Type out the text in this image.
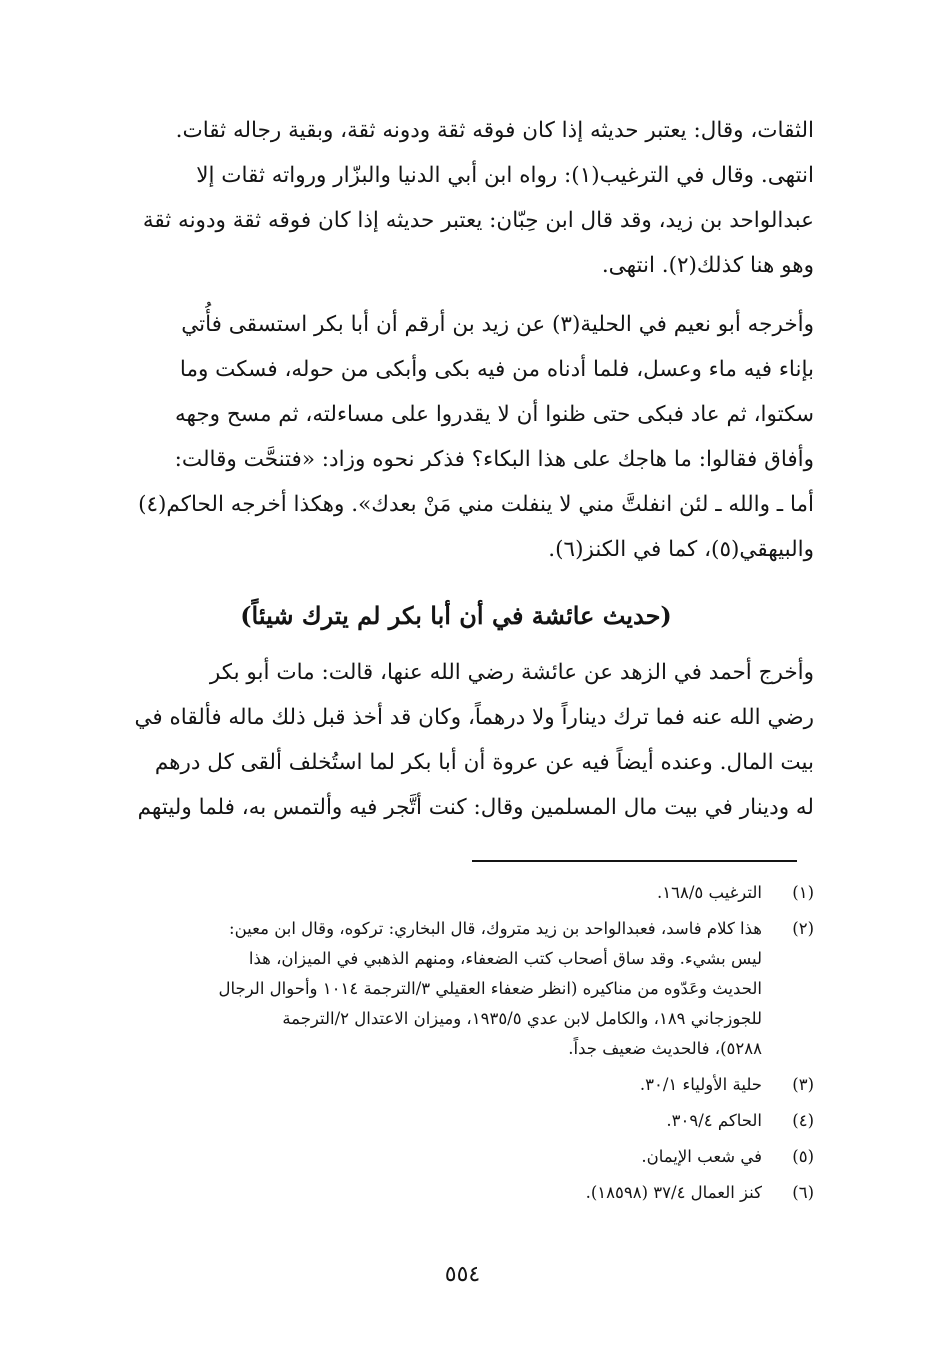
الثقات، وقال: يعتبر حديثه إذا كان فوقه ثقة ودونه ثقة، وبقية رجاله ثقات.
انتهى. وقال في الترغيب(١): رواه ابن أبي الدنيا والبزّار ورواته ثقات إلا
عبدالواحد بن زيد، وقد قال ابن حِبّان: يعتبر حديثه إذا كان فوقه ثقة ودونه ثقة
وهو هنا كذلك(٢). انتهى.

وأخرجه أبو نعيم في الحلية(٣) عن زيد بن أرقم أن أبا بكر استسقى فأُتي
بإناء فيه ماء وعسل، فلما أدناه من فيه بكى وأبكى من حوله، فسكت وما
سكتوا، ثم عاد فبكى حتى ظنوا أن لا يقدروا على مساءلته، ثم مسح وجهه
وأفاق فقالوا: ما هاجك على هذا البكاء؟ فذكر نحوه وزاد: «فتنحَّت وقالت:
أما ـ والله ـ لئن انفلتَّ مني لا ينفلت مني مَنْ بعدك». وهكذا أخرجه الحاكم(٤)
والبيهقي(٥)، كما في الكنز(٦).

(حديث عائشة في أن أبا بكر لم يترك شيئاً)

وأخرج أحمد في الزهد عن عائشة رضي الله عنها، قالت: مات أبو بكر
رضي الله عنه فما ترك ديناراً ولا درهماً، وكان قد أخذ قبل ذلك ماله فألقاه في
بيت المال. وعنده أيضاً فيه عن عروة أن أبا بكر لما استُخلف ألقى كل درهم
له ودينار في بيت مال المسلمين وقال: كنت أتَّجر فيه وألتمس به، فلما وليتهم

(١)
الترغيب ١٦٨/٥.
(٢)
هذا كلام فاسد، فعبدالواحد بن زيد متروك، قال البخاري: تركوه، وقال ابن معين:
ليس بشيء. وقد ساق أصحاب كتب الضعفاء، ومنهم الذهبي في الميزان، هذا
الحديث وعَدّوه من مناكيره (انظر ضعفاء العقيلي ٣/الترجمة ١٠١٤ وأحوال الرجال
للجوزجاني ١٨٩، والكامل لابن عدي ١٩٣٥/٥، وميزان الاعتدال ٢/الترجمة
٥٢٨٨)، فالحديث ضعيف جداً.
(٣)
حلية الأولياء ٣٠/١.
(٤)
الحاكم ٣٠٩/٤.
(٥)
في شعب الإيمان.
(٦)
كنز العمال ٣٧/٤ (١٨٥٩٨).
٥٥٤
